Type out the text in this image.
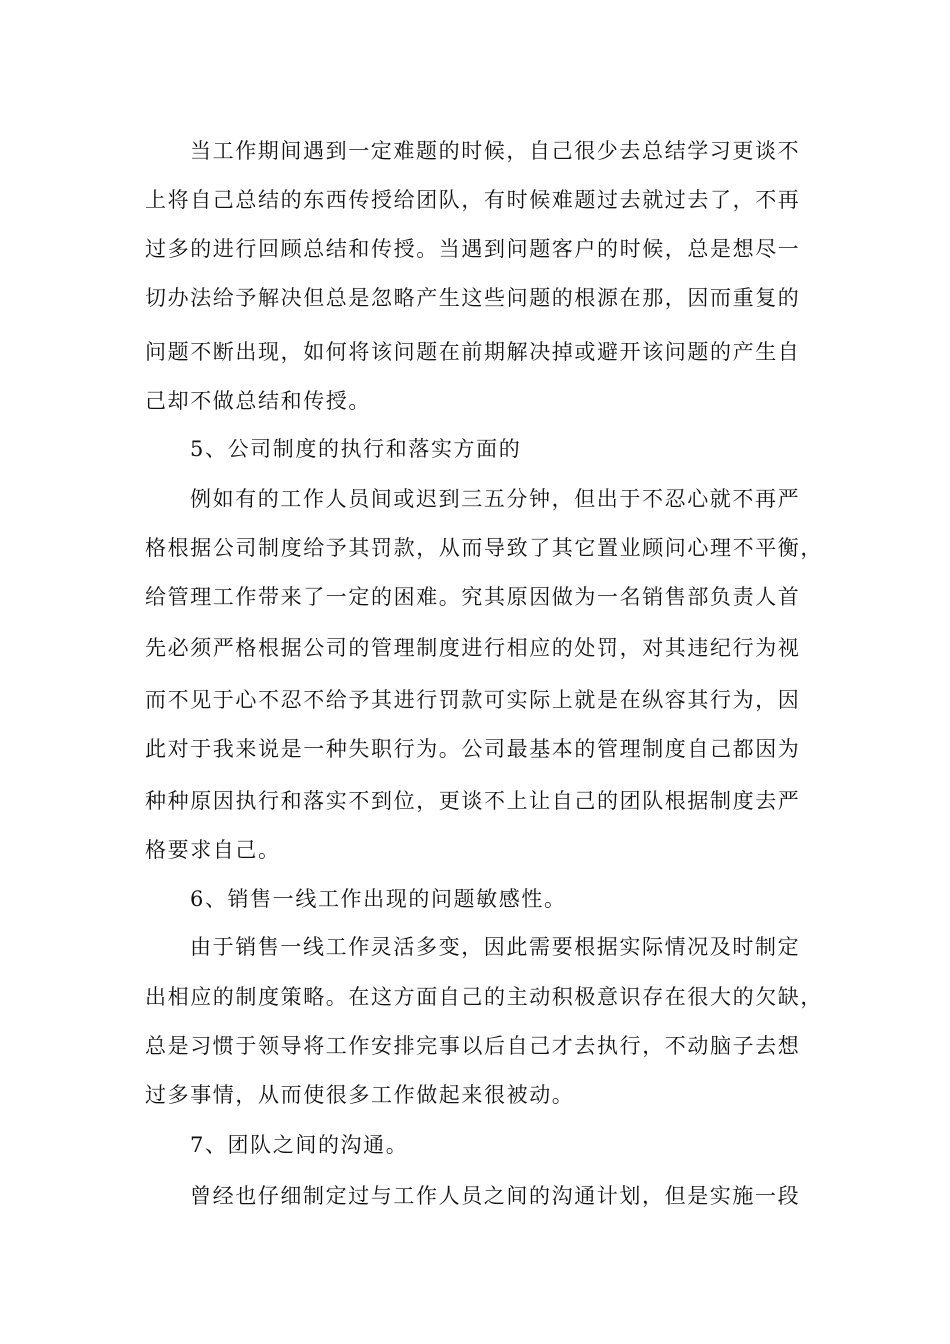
当工作期间遇到一定难题的时候，自己很少去总结学习更谈不

上将自己总结的东西传授给团队，有时候难题过去就过去了，不再

过多的进行回顾总结和传授。当遇到问题客户的时候，总是想尽一

切办法给予解决但总是忽略产生这些问题的根源在那，因而重复的

问题不断出现，如何将该问题在前期解决掉或避开该问题的产生自

己却不做总结和传授。

5、公司制度的执行和落实方面的

例如有的工作人员间或迟到三五分钟，但出于不忍心就不再严

格根据公司制度给予其罚款，从而导致了其它置业顾问心理不平衡，

给管理工作带来了一定的困难。究其原因做为一名销售部负责人首

先必须严格根据公司的管理制度进行相应的处罚，对其违纪行为视

而不见于心不忍不给予其进行罚款可实际上就是在纵容其行为，因

此对于我来说是一种失职行为。公司最基本的管理制度自己都因为

种种原因执行和落实不到位，更谈不上让自己的团队根据制度去严

格要求自己。

6、销售一线工作出现的问题敏感性。

由于销售一线工作灵活多变，因此需要根据实际情况及时制定

出相应的制度策略。在这方面自己的主动积极意识存在很大的欠缺，

总是习惯于领导将工作安排完事以后自己才去执行，不动脑子去想

过多事情，从而使很多工作做起来很被动。

7、团队之间的沟通。

曾经也仔细制定过与工作人员之间的沟通计划，但是实施一段
